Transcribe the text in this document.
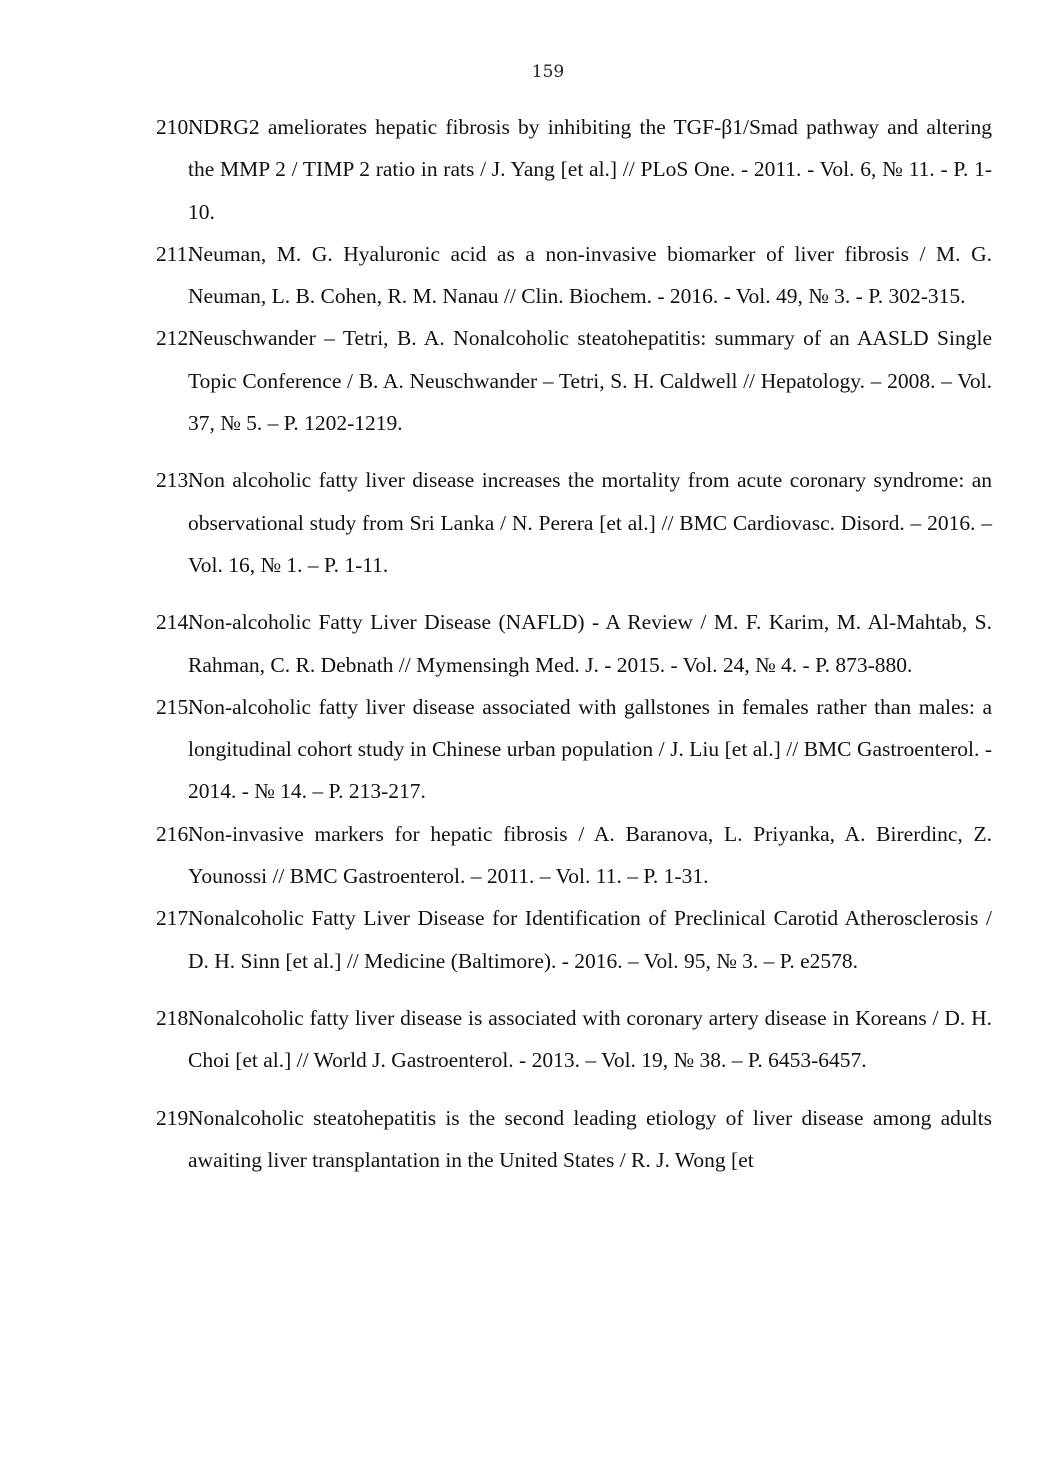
159
210.
NDRG2 ameliorates hepatic fibrosis by inhibiting the TGF-β1/Smad pathway and altering the MMP 2 / TIMP 2 ratio in rats / J. Yang [et al.] // PLoS One. - 2011. - Vol. 6, № 11. - P. 1-10.
211.
Neuman, M. G. Hyaluronic acid as a non-invasive biomarker of liver fibrosis / M. G. Neuman, L. B. Cohen, R. M. Nanau // Clin. Biochem. - 2016. - Vol. 49, № 3. - P. 302-315.
212.
Neuschwander – Tetri, B. A. Nonalcoholic steatohepatitis: summary of an AASLD Single Topic Conference / B. A. Neuschwander – Tetri, S. H. Caldwell // Hepatology. – 2008. – Vol. 37, № 5. – P. 1202-1219.
213.
Non alcoholic fatty liver disease increases the mortality from acute coronary syndrome: an observational study from Sri Lanka / N. Perera [et al.] // BMC Cardiovasc. Disord. – 2016. –Vol. 16, № 1. – P. 1-11.
214.
Non-alcoholic Fatty Liver Disease (NAFLD) - A Review / M. F. Karim, M. Al-Mahtab, S. Rahman, C. R. Debnath // Mymensingh Med. J. - 2015. - Vol. 24, № 4. - P. 873-880.
215.
Non-alcoholic fatty liver disease associated with gallstones in females rather than males: a longitudinal cohort study in Chinese urban population / J. Liu [et al.] // BMC Gastroenterol. - 2014. - № 14. – P. 213-217.
216.
Non-invasive markers for hepatic fibrosis / A. Baranova, L. Priyanka, A. Birerdinc, Z. Younossi // BMC Gastroenterol. – 2011. – Vol. 11. – P. 1-31.
217.
Nonalcoholic Fatty Liver Disease for Identification of Preclinical Carotid Atherosclerosis / D. H. Sinn [et al.] // Medicine (Baltimore). - 2016. – Vol. 95, № 3. – P. e2578.
218.
Nonalcoholic fatty liver disease is associated with coronary artery disease in Koreans / D. H. Choi [et al.] // World J. Gastroenterol. - 2013. – Vol. 19, № 38. – P. 6453-6457.
219.
Nonalcoholic steatohepatitis is the second leading etiology of liver disease among adults awaiting liver transplantation in the United States / R. J. Wong [et
